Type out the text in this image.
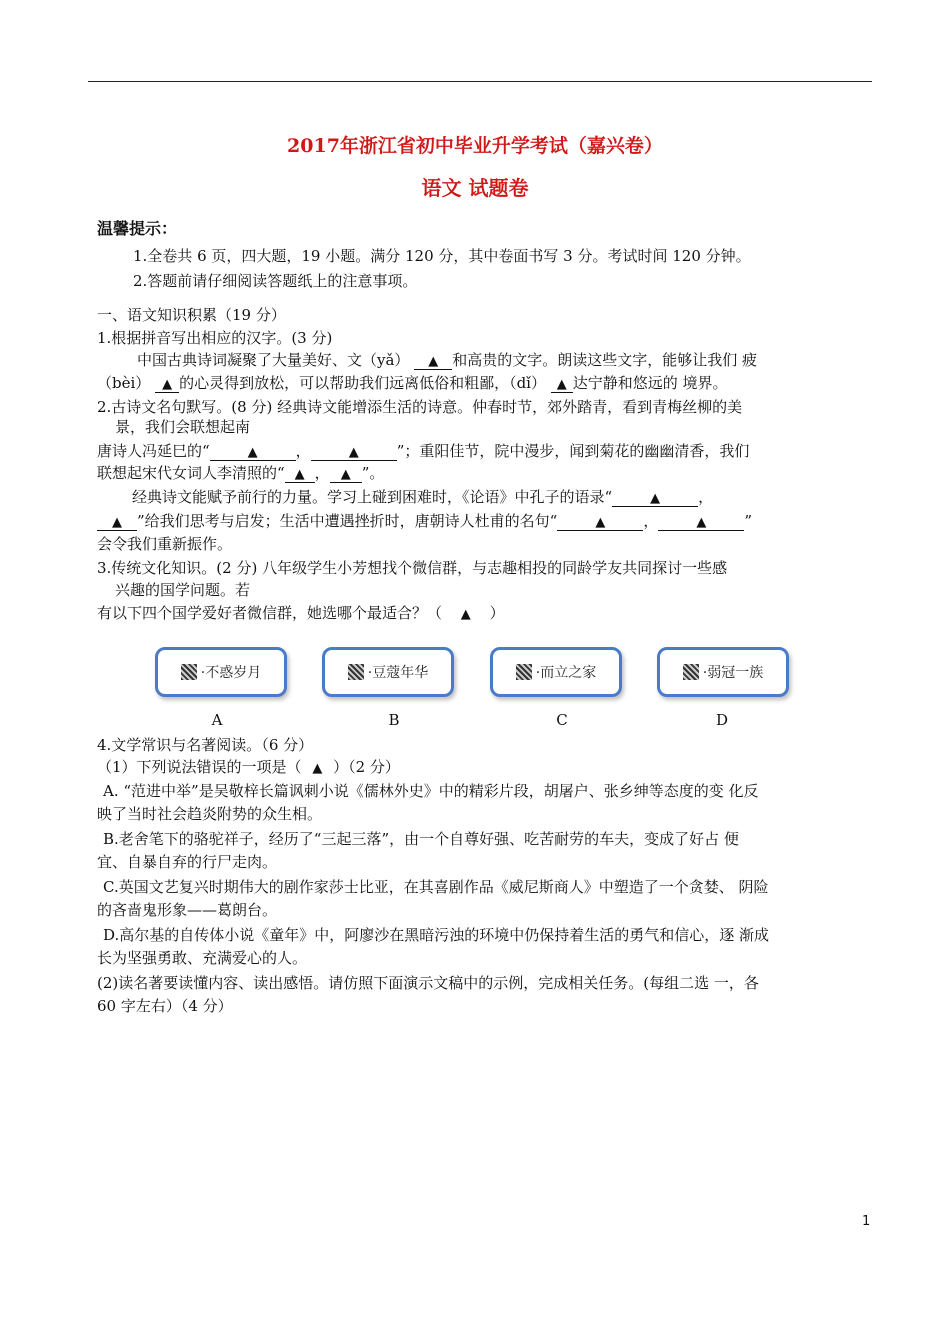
2017年浙江省初中毕业升学考试（嘉兴卷）
语文 试题卷
温馨提示：
1.全卷共 6 页，四大题，19 小题。满分 120 分，其中卷面书写 3 分。考试时间 120 分钟。
2.答题前请仔细阅读答题纸上的注意事项。
一、语文知识积累（19 分）
1.根据拼音写出相应的汉字。(3 分)
中国古典诗词凝聚了大量美好、文（yǎ） ▲ 和高贵的文字。朗读这些文字，能够让我们 疲
（bèi） ▲ 的心灵得到放松，可以帮助我们远离低俗和粗鄙，（dǐ） ▲ 达宁静和悠远的 境界。
2.古诗文名句默写。(8 分) 经典诗文能增添生活的诗意。仲春时节，郊外踏青，看到青梅丝柳的美
景，我们会联想起南
唐诗人冯延巳的“	▲	，	▲	”；重阳佳节，院中漫步，闻到菊花的幽幽清香，我们
联想起宋代女词人李清照的“ ▲ ， ▲ ”。
经典诗文能赋予前行的力量。学习上碰到困难时，《论语》中孔子的语录“	▲	，
▲ ”给我们思考与启发；生活中遭遇挫折时，唐朝诗人杜甫的名句“	▲	，	▲	”
会令我们重新振作。
3.传统文化知识。(2 分) 八年级学生小芳想找个微信群，与志趣相投的同龄学友共同探讨一些感
兴趣的国学问题。若
有以下四个国学爱好者微信群，她选哪个最适合？（ ▲ ）
·不惑岁月	·豆蔻年华	·而立之家	·弱冠一族
A	B	C	D
4.文学常识与名著阅读。（6 分）
（1）下列说法错误的一项是（ ▲ ）（2 分）
A. “范进中举”是吴敬梓长篇讽刺小说《儒林外史》中的精彩片段，胡屠户、张乡绅等态度的变 化反
映了当时社会趋炎附势的众生相。
B.老舍笔下的骆驼祥子，经历了“三起三落”，由一个自尊好强、吃苦耐劳的车夫，变成了好占 便
宜、自暴自弃的行尸走肉。
C.英国文艺复兴时期伟大的剧作家莎士比亚，在其喜剧作品《威尼斯商人》中塑造了一个贪婪、 阴险
的吝啬鬼形象——葛朗台。
D.高尔基的自传体小说《童年》中，阿廖沙在黑暗污浊的环境中仍保持着生活的勇气和信心，逐 渐成
长为坚强勇敢、充满爱心的人。
(2)读名著要读懂内容、读出感悟。请仿照下面演示文稿中的示例，完成相关任务。(每组二选 一，各
60 字左右）（4 分）
1
